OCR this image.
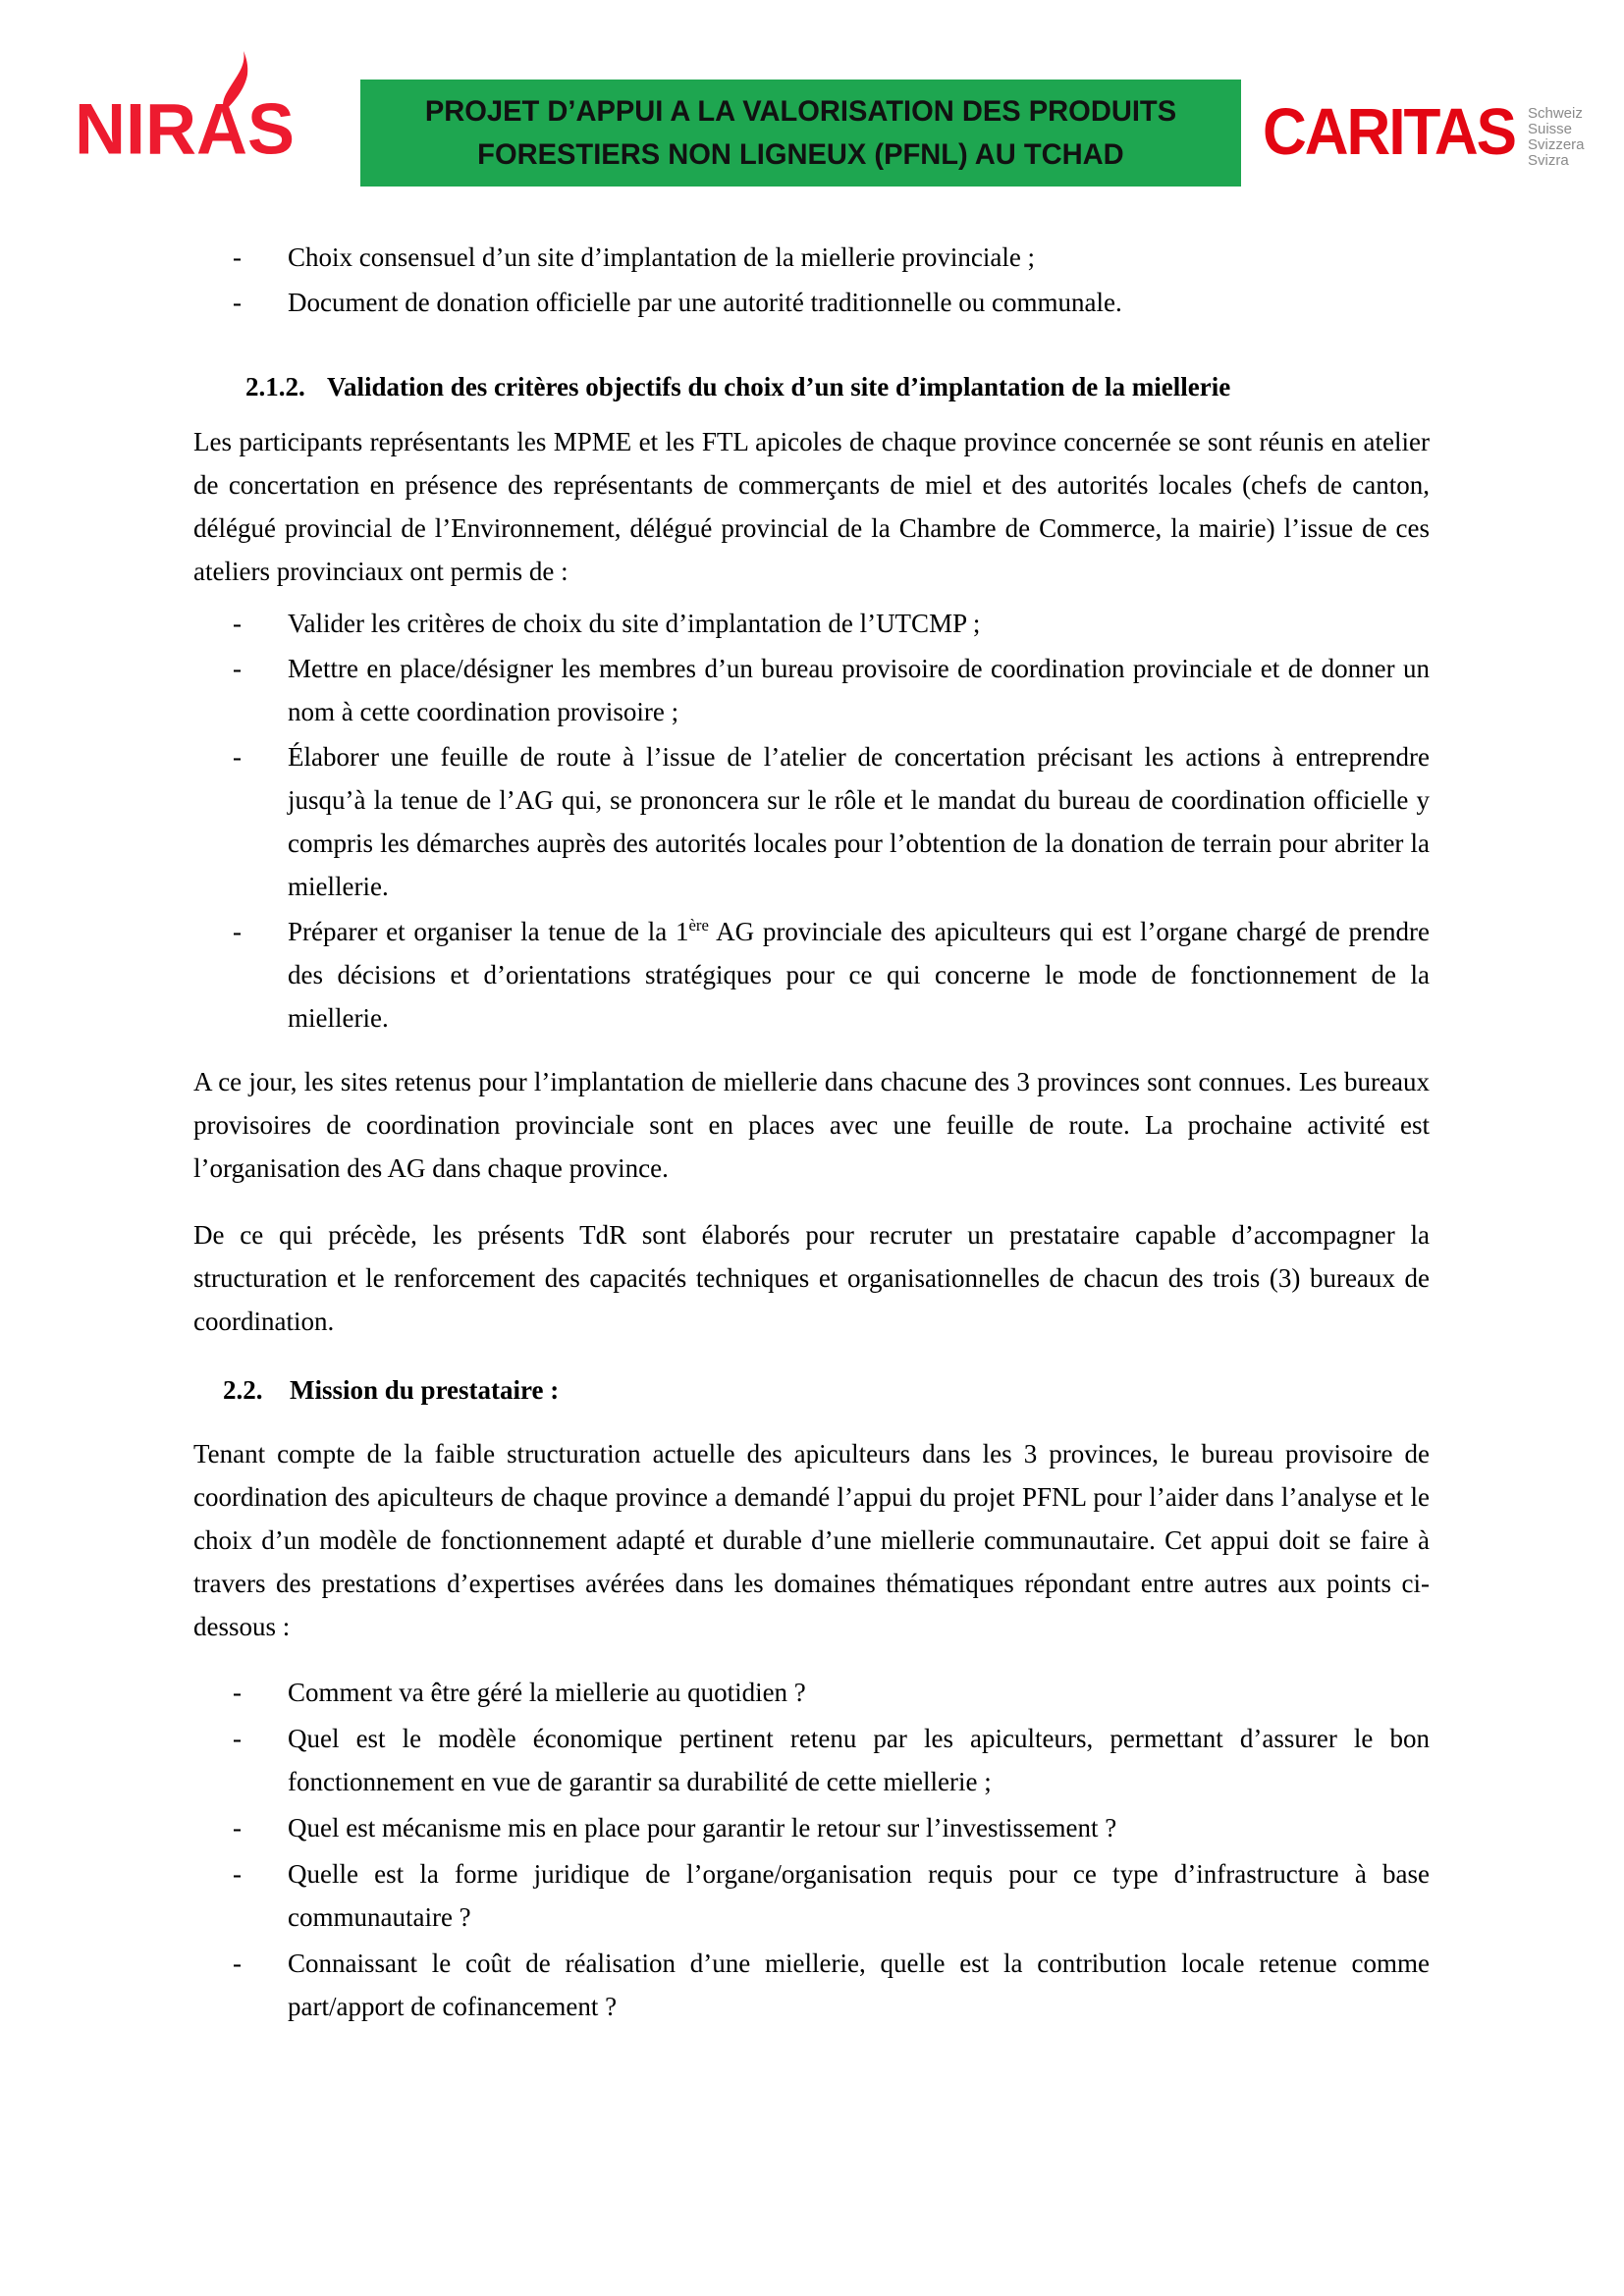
NIRAS	PROJET D’APPUI A LA VALORISATION DES PRODUITS
FORESTIERS NON LIGNEUX (PFNL) AU TCHAD CARITAS Schweiz
Suisse
Svizzera
Svizra
-	Choix consensuel d’un site d’implantation de la miellerie provinciale ;
-	Document de donation officielle par une autorité traditionnelle ou communale.
2.1.2. Validation des critères objectifs du choix d’un site d’implantation de la miellerie

Les participants représentants les MPME et les FTL apicoles de chaque province concernée se sont réunis en atelier de concertation en présence des représentants de commerçants de miel et des autorités locales (chefs de canton, délégué provincial de l’Environnement, délégué provincial de la Chambre de Commerce, la mairie) l’issue de ces ateliers provinciaux ont permis de :

-	Valider les critères de choix du site d’implantation de l’UTCMP ;
-	Mettre en place/désigner les membres d’un bureau provisoire de coordination provinciale et de donner un nom à cette coordination provisoire ;
-	Élaborer une feuille de route à l’issue de l’atelier de concertation précisant les actions à entreprendre jusqu’à la tenue de l’AG qui, se prononcera sur le rôle et le mandat du bureau de coordination officielle y compris les démarches auprès des autorités locales pour l’obtention de la donation de terrain pour abriter la miellerie.
-	Préparer et organiser la tenue de la 1ère AG provinciale des apiculteurs qui est l’organe chargé de prendre des décisions et d’orientations stratégiques pour ce qui concerne le mode de fonctionnement de la miellerie.

A ce jour, les sites retenus pour l’implantation de miellerie dans chacune des 3 provinces sont connues. Les bureaux provisoires de coordination provinciale sont en places avec une feuille de route. La prochaine activité est l’organisation des AG dans chaque province.

De ce qui précède, les présents TdR sont élaborés pour recruter un prestataire capable d’accompagner la structuration et le renforcement des capacités techniques et organisationnelles de chacun des trois (3) bureaux de coordination.

2.2.	Mission du prestataire :

Tenant compte de la faible structuration actuelle des apiculteurs dans les 3 provinces, le bureau provisoire de coordination des apiculteurs de chaque province a demandé l’appui du projet PFNL pour l’aider dans l’analyse et le choix d’un modèle de fonctionnement adapté et durable d’une miellerie communautaire. Cet appui doit se faire à travers des prestations d’expertises avérées dans les domaines thématiques répondant entre autres aux points ci-dessous :

-	Comment va être géré la miellerie au quotidien ?
-	Quel est le modèle économique pertinent retenu par les apiculteurs, permettant d’assurer le bon fonctionnement en vue de garantir sa durabilité de cette miellerie ;
-	Quel est mécanisme mis en place pour garantir le retour sur l’investissement ?
-	Quelle est la forme juridique de l’organe/organisation requis pour ce type d’infrastructure à base communautaire ?
-	Connaissant le coût de réalisation d’une miellerie, quelle est la contribution locale retenue comme part/apport de cofinancement ?
